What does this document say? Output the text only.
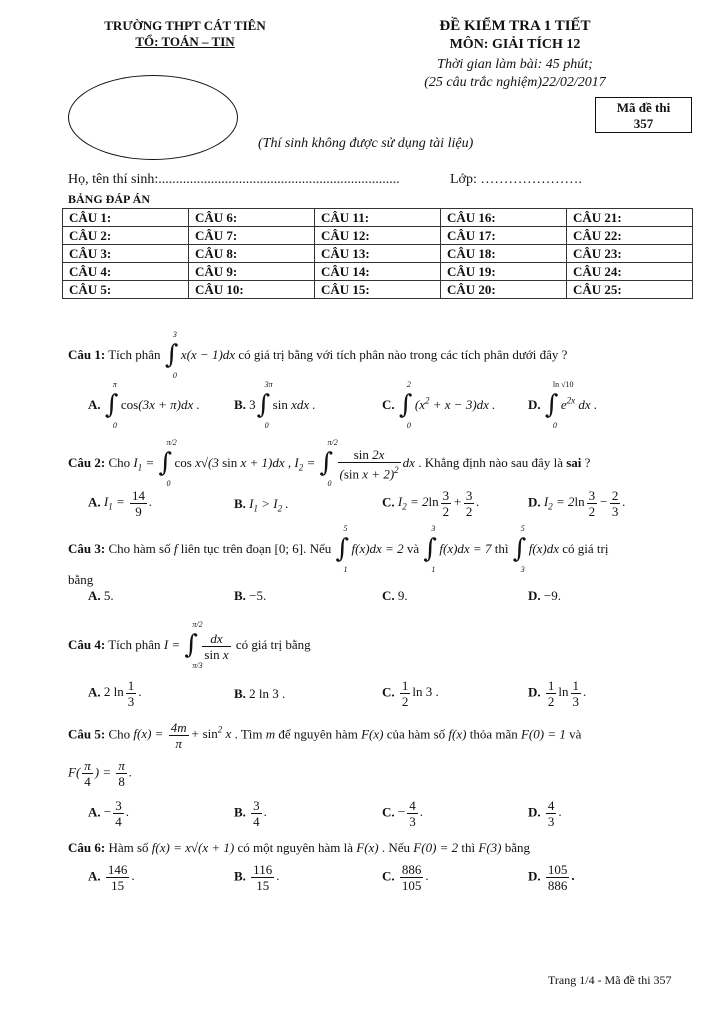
TRƯỜNG THPT CÁT TIÊN
TỔ: TOÁN – TIN
ĐỀ KIỂM TRA 1 TIẾT
MÔN: GIẢI TÍCH 12
Thời gian làm bài: 45 phút;
(25 câu trắc nghiệm)22/02/2017
Mã đề thi
357
(Thí sinh không được sử dụng tài liệu)
Họ, tên thí sinh:.....................................................................	Lớp: ………………….
BẢNG ĐÁP ÁN
CÂU 1:	CÂU 6:	CÂU 11:	CÂU 16:	CÂU 21:
CÂU 2:	CÂU 7:	CÂU 12:	CÂU 17:	CÂU 22:
CÂU 3:	CÂU 8:	CÂU 13:	CÂU 18:	CÂU 23:
CÂU 4:	CÂU 9:	CÂU 14:	CÂU 19:	CÂU 24:
CÂU 5:	CÂU 10:	CÂU 15:	CÂU 20:	CÂU 25:
Câu 1: Tích phân ∫
3
0
x(x − 1)dx có giá trị bằng với tích phân nào trong các tích phân dưới đây ?
A. ∫
π
0
cos(3x + π)dx .	B. 3 ∫
3π
0
sin xdx .	C. ∫
2
0
$(x^2 + x - 3)dx$ .	D. ∫
ln √10
0
$e^{2x}$ dx .
Câu 2: Cho $I_1$ = ∫
π/2
0
cos x√(3 sin x + 1)dx , $I_2$ = ∫
π/2
0
$\frac{\sin 2x}{(\sin x + 2)^2}$ dx . Khẳng định nào sau đây là sai ?
A. $I_1 = \frac{14}{9}$ .	B. $I_1 > I_2$ .	C. $I_2 = 2\ln \frac{3}{2} + \frac{3}{2}$ .	D. $I_2 = 2\ln \frac{3}{2} - \frac{2}{3}$ .
Câu 3: Cho hàm số f liên tục trên đoạn [0; 6]. Nếu ∫
5
1
f(x)dx = 2 và ∫
3
1
f(x)dx = 7 thì ∫
5
3
f(x)dx có giá trị
bằng
A. 5.	B. −5.	C. 9.	D. −9.
Câu 4: Tích phân I = ∫
π/2
π/3
$\frac{dx}{\text{sin x}}$ có giá trị bằng
A. 2 $\ln \frac{1}{3}$ .	B. 2 ln 3 .	C. $\frac{1}{2}$ ln 3 .	D. $\frac{1}{2}$ $\ln \frac{1}{3}$ .
Câu 5: Cho $f(x) = \frac{4m}{\pi} + \sin^2 x$ . Tìm m để nguyên hàm F(x) của hàm số f(x) thỏa mãn F(0) = 1 và
$F( \frac{\pi}{4}$ ) = $\frac{\pi}{8}$ .
A. − $\frac{3}{4}$ .	B. $\frac{3}{4}$ .	C. − $\frac{4}{3}$ .	D. $\frac{4}{3}$ .
Câu 6: Hàm số f(x) = x√(x + 1) có một nguyên hàm là F(x) . Nếu F(0) = 2 thì F(3) bằng
A. $\frac{146}{15}$ .	B. $\frac{116}{15}$ .	C. $\frac{886}{105}$ .	D. $\frac{105}{886}$ .
Trang 1/4 - Mã đề thi 357
